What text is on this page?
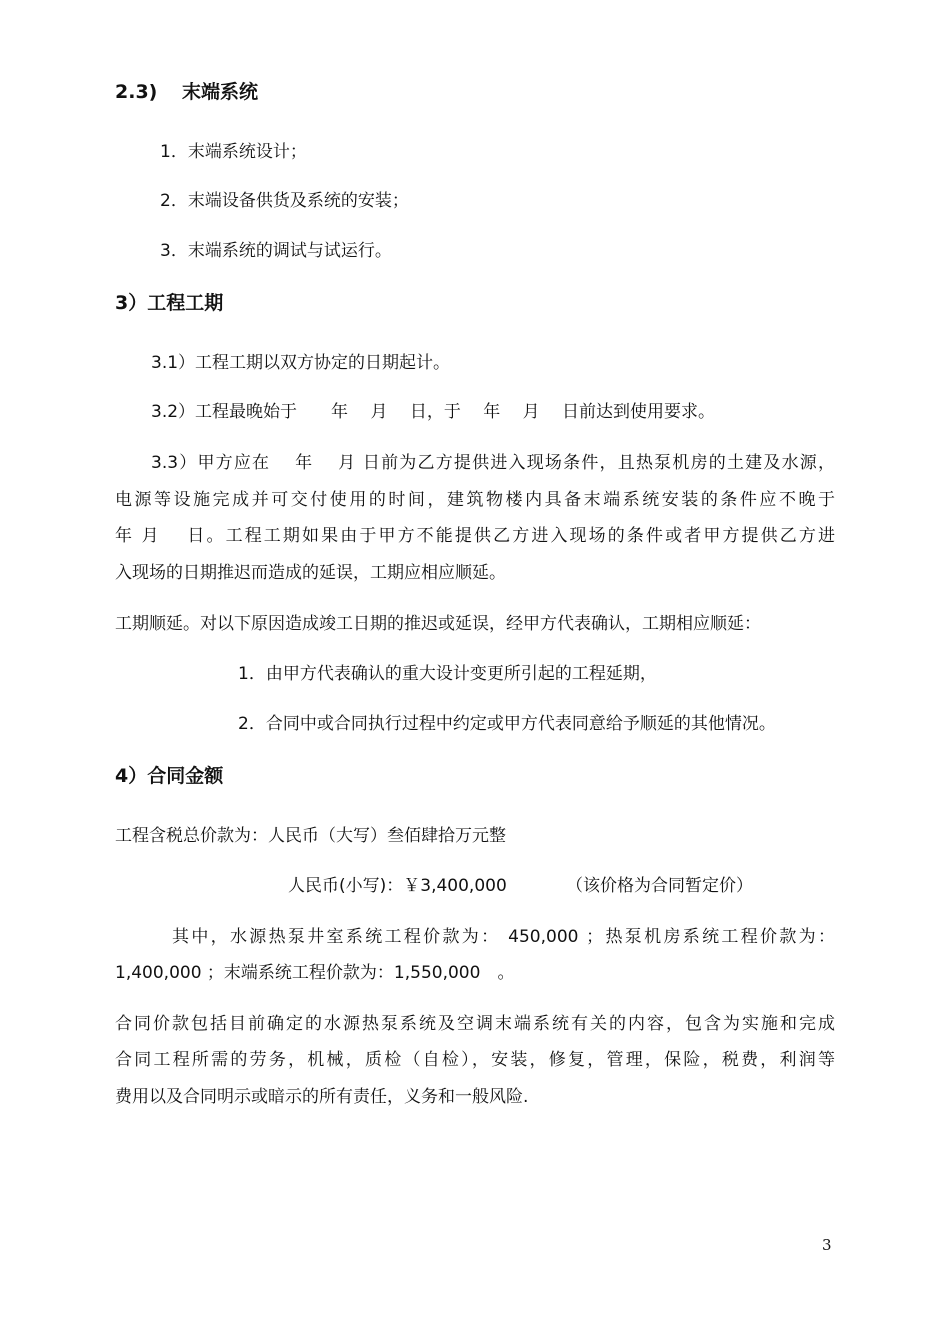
2.3) 末端系统
1．末端系统设计；
2．末端设备供货及系统的安装；
3．末端系统的调试与试运行。
3）工程工期
3.1）工程工期以双方协定的日期起计。
3.2）工程最晚始于　　年　 月　 日，于　 年　 月　 日前达到使用要求。
3.3）甲方应在　 年　 月 日前为乙方提供进入现场条件，且热泵机房的土建及水源，
电源等设施完成并可交付使用的时间，建筑物楼内具备末端系统安装的条件应不晚于
年 月　 日。工程工期如果由于甲方不能提供乙方进入现场的条件或者甲方提供乙方进
入现场的日期推迟而造成的延误，工期应相应顺延。
工期顺延。对以下原因造成竣工日期的推迟或延误，经甲方代表确认，工期相应顺延：
1．由甲方代表确认的重大设计变更所引起的工程延期，
2．合同中或合同执行过程中约定或甲方代表同意给予顺延的其他情况。
4）合同金额
工程含税总价款为：人民币（大写）叁佰肆拾万元整
人民币(小写)：￥3,400,000	（该价格为合同暂定价）
其中，水源热泵井室系统工程价款为： 450,000 ；热泵机房系统工程价款为：
1,400,000 ；末端系统工程价款为：1,550,000　。
合同价款包括目前确定的水源热泵系统及空调末端系统有关的内容，包含为实施和完成
合同工程所需的劳务，机械，质检（自检），安装，修复，管理，保险，税费，利润等
费用以及合同明示或暗示的所有责任，义务和一般风险.
3
